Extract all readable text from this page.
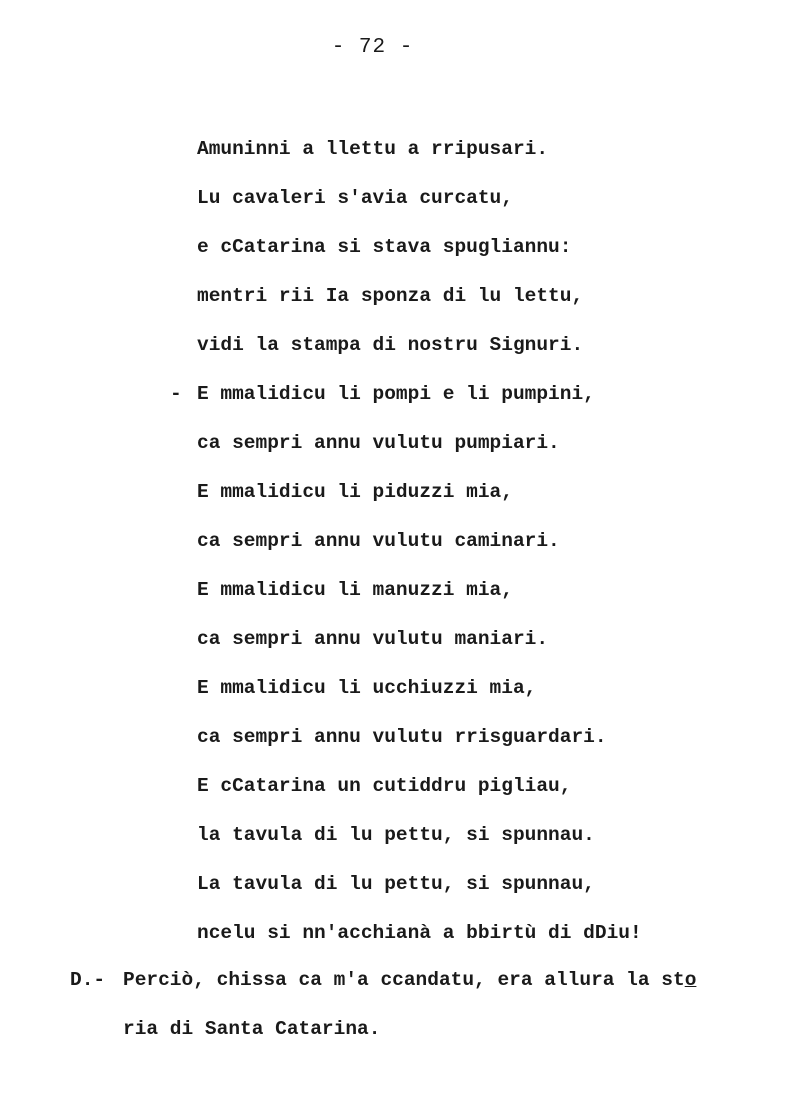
- 72 -
Amuninni a llettu a rripusari.
Lu cavaleri s'avia curcatu,
e cCatarina si stava spugliannu:
mentri rii Ia sponza di lu lettu,
vidi la stampa di nostru Signuri.
- E mmalidicu li pompi e li pumpini,
ca sempri annu vulutu pumpiari.
E mmalidicu li piduzzi mia,
ca sempri annu vulutu caminari.
E mmalidicu li manuzzi mia,
ca sempri annu vulutu maniari.
E mmalidicu li ucchiuzzi mia,
ca sempri annu vulutu rrisguardari.
E cCatarina un cutiddru pigliau,
la tavula di lu pettu, si spunnau.
La tavula di lu pettu, si spunnau,
ncelu si nn'acchianà a bbirtù di dDiu!
D.- Perciò, chissa ca m'a ccandatu, era allura la sto
ria di Santa Catarina.
